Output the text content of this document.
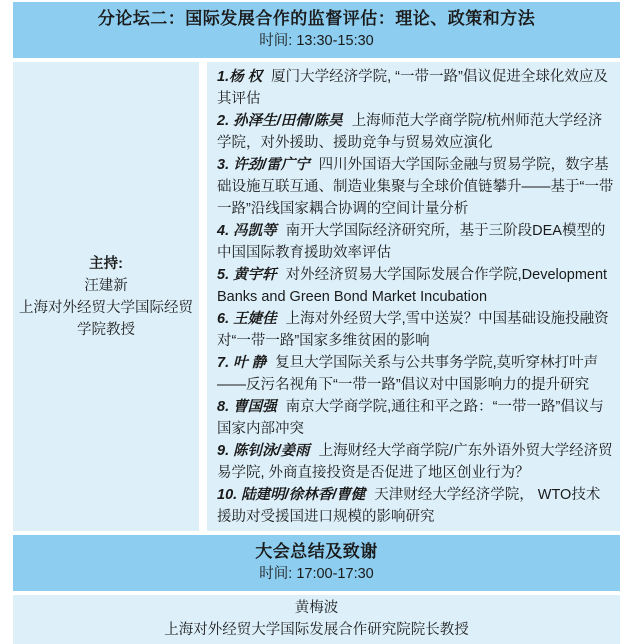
分论坛二：国际发展合作的监督评估：理论、政策和方法
时间: 13:30-15:30
主持:
汪建新
上海对外经贸大学国际经贸学院教授

1.杨 权 厦门大学经济学院, “一带一路”倡议促进全球化效应及其评估

2. 孙泽生/田倩/陈昊 上海师范大学商学院/杭州师范大学经济学院，对外援助、援助竞争与贸易效应演化

3. 许劲/雷广宁 四川外国语大学国际金融与贸易学院，数字基础设施互联互通、制造业集聚与全球价值链攀升——基于“一带一路”沿线国家耦合协调的空间计量分析

4. 冯凯等 南开大学国际经济研究所，基于三阶段DEA模型的中国国际教育援助效率评估

5. 黄宇轩 对外经济贸易大学国际发展合作学院,Development Banks and Green Bond Market Incubation

6. 王婕佳 上海对外经贸大学,雪中送炭？中国基础设施投融资对“一带一路”国家多维贫困的影响

7. 叶 静 复旦大学国际关系与公共事务学院,莫听穿林打叶声——反污名视角下“一带一路”倡议对中国影响力的提升研究

8. 曹国强 南京大学商学院,通往和平之路：“一带一路”倡议与国家内部冲突

9. 陈钊泳/姜雨 上海财经大学商学院/广东外语外贸大学经济贸易学院, 外商直接投资是否促进了地区创业行为？

10. 陆建明/徐林香/曹健 天津财经大学经济学院， WTO技术援助对受援国进口规模的影响研究

大会总结及致谢
时间: 17:00-17:30
黄梅波
上海对外经贸大学国际发展合作研究院院长教授
